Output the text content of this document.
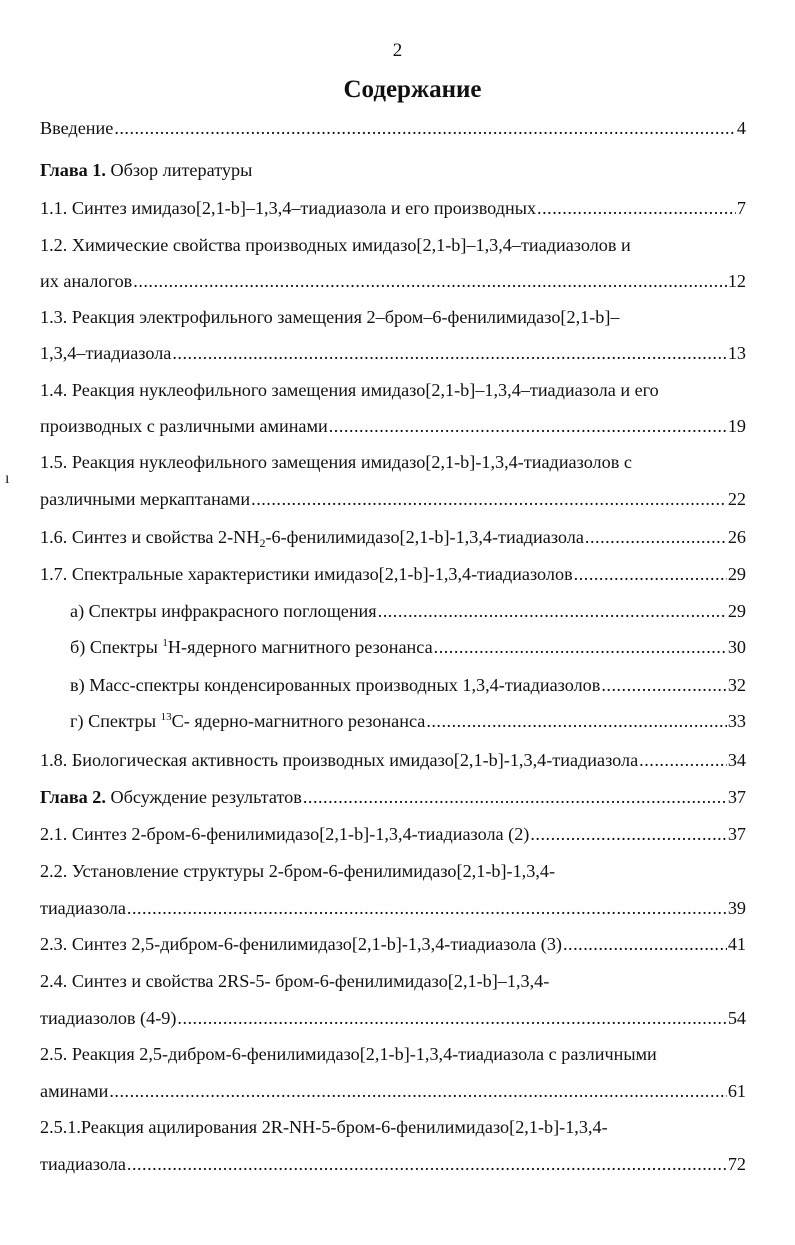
2
Содержание
ı
Введение .....	4
Глава 1. Обзор литературы
1.1. Синтез имидазо[2,1-b]–1,3,4–тиадиазола и его производных .....	7
1.2. Химические свойства производных имидазо[2,1-b]–1,3,4–тиадиазолов и
их аналогов .....	12
1.3. Реакция электрофильного замещения 2–бром–6-фенилимидазо[2,1-b]–
1,3,4–тиадиазола .....	13
1.4. Реакция нуклеофильного замещения имидазо[2,1-b]–1,3,4–тиадиазола и его
производных с различными аминами .....	19
1.5. Реакция нуклеофильного замещения имидазо[2,1-b]-1,3,4-тиадиазолов с
различными меркаптанами .....	22
1.6. Синтез и свойства $2-NH_2-6-фенилимидазо[2,1-b]-1,3,4$-тиадиазола .....	26
1.7. Спектральные характеристики имидазо[2,1-b]-1,3,4-тиадиазолов .....	29
а) Спектры инфракрасного поглощения .....	29
б) Спектры $^1$Н-ядерного магнитного резонанса .....	30
в) Масс-спектры конденсированных производных 1,3,4-тиадиазолов .....	32
г) Спектры $^{13}$С- ядерно-магнитного резонанса .....	33
1.8. Биологическая активность производных имидазо[2,1-b]-1,3,4-тиадиазола .....	34
Глава 2. Обсуждение результатов .....	37
2.1. Синтез 2-бром-6-фенилимидазо[2,1-b]-1,3,4-тиадиазола (2) .....	37
2.2. Установление структуры 2-бром-6-фенилимидазо[2,1-b]-1,3,4-
тиадиазола .....	39
2.3. Синтез 2,5-дибром-6-фенилимидазо[2,1-b]-1,3,4-тиадиазола (3) .....	41
2.4. Синтез и свойства 2RS-5- бром-6-фенилимидазо[2,1-b]–1,3,4-
тиадиазолов (4-9) .....	54
2.5. Реакция 2,5-дибром-6-фенилимидазо[2,1-b]-1,3,4-тиадиазола с различными
аминами .....	61
2.5.1.Реакция ацилирования 2R-NH-5-бром-6-фенилимидазо[2,1-b]-1,3,4-
тиадиазола .....	72
